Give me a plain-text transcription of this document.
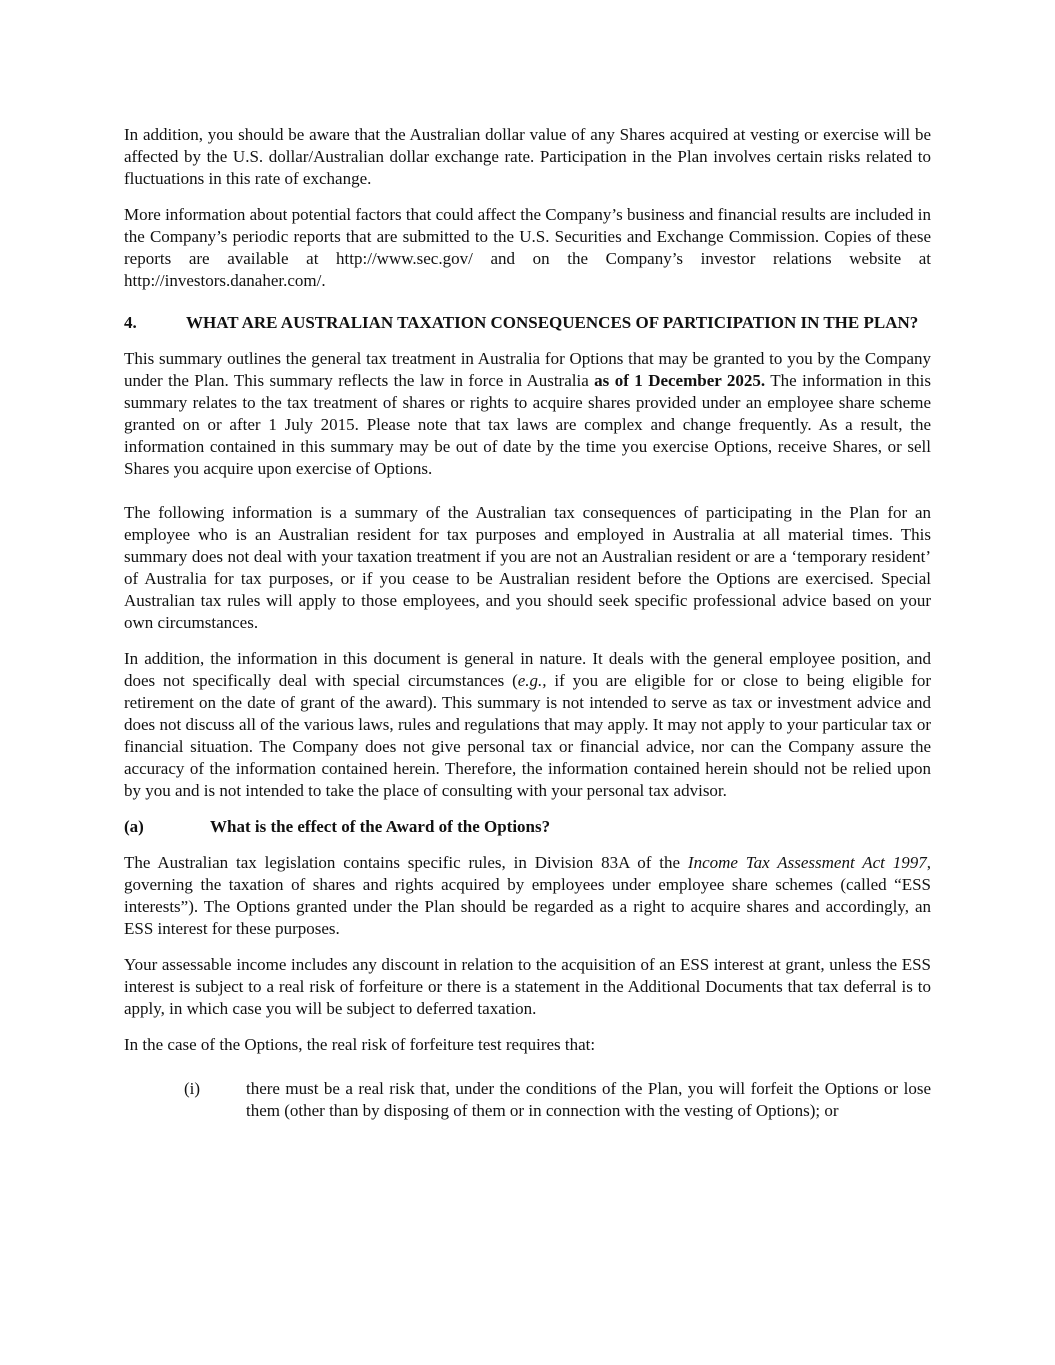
In addition, you should be aware that the Australian dollar value of any Shares acquired at vesting or exercise will be affected by the U.S. dollar/Australian dollar exchange rate. Participation in the Plan involves certain risks related to fluctuations in this rate of exchange.

More information about potential factors that could affect the Company’s business and financial results are included in the Company’s periodic reports that are submitted to the U.S. Securities and Exchange Commission. Copies of these reports are available at http://www.sec.gov/ and on the Company’s investor relations website at http://investors.danaher.com/.

4.	WHAT ARE AUSTRALIAN TAXATION CONSEQUENCES OF PARTICIPATION IN THE PLAN?

This summary outlines the general tax treatment in Australia for Options that may be granted to you by the Company under the Plan. This summary reflects the law in force in Australia as of 1 December 2025. The information in this summary relates to the tax treatment of shares or rights to acquire shares provided under an employee share scheme granted on or after 1 July 2015. Please note that tax laws are complex and change frequently. As a result, the information contained in this summary may be out of date by the time you exercise Options, receive Shares, or sell Shares you acquire upon exercise of Options.

The following information is a summary of the Australian tax consequences of participating in the Plan for an employee who is an Australian resident for tax purposes and employed in Australia at all material times. This summary does not deal with your taxation treatment if you are not an Australian resident or are a ‘temporary resident’ of Australia for tax purposes, or if you cease to be Australian resident before the Options are exercised. Special Australian tax rules will apply to those employees, and you should seek specific professional advice based on your own circumstances.

In addition, the information in this document is general in nature. It deals with the general employee position, and does not specifically deal with special circumstances (e.g., if you are eligible for or close to being eligible for retirement on the date of grant of the award). This summary is not intended to serve as tax or investment advice and does not discuss all of the various laws, rules and regulations that may apply. It may not apply to your particular tax or financial situation. The Company does not give personal tax or financial advice, nor can the Company assure the accuracy of the information contained herein. Therefore, the information contained herein should not be relied upon by you and is not intended to take the place of consulting with your personal tax advisor.

(a)	What is the effect of the Award of the Options?

The Australian tax legislation contains specific rules, in Division 83A of the Income Tax Assessment Act 1997, governing the taxation of shares and rights acquired by employees under employee share schemes (called “ESS interests”). The Options granted under the Plan should be regarded as a right to acquire shares and accordingly, an ESS interest for these purposes.

Your assessable income includes any discount in relation to the acquisition of an ESS interest at grant, unless the ESS interest is subject to a real risk of forfeiture or there is a statement in the Additional Documents that tax deferral is to apply, in which case you will be subject to deferred taxation.

In the case of the Options, the real risk of forfeiture test requires that:

(i)	there must be a real risk that, under the conditions of the Plan, you will forfeit the Options or lose them (other than by disposing of them or in connection with the vesting of Options); or
